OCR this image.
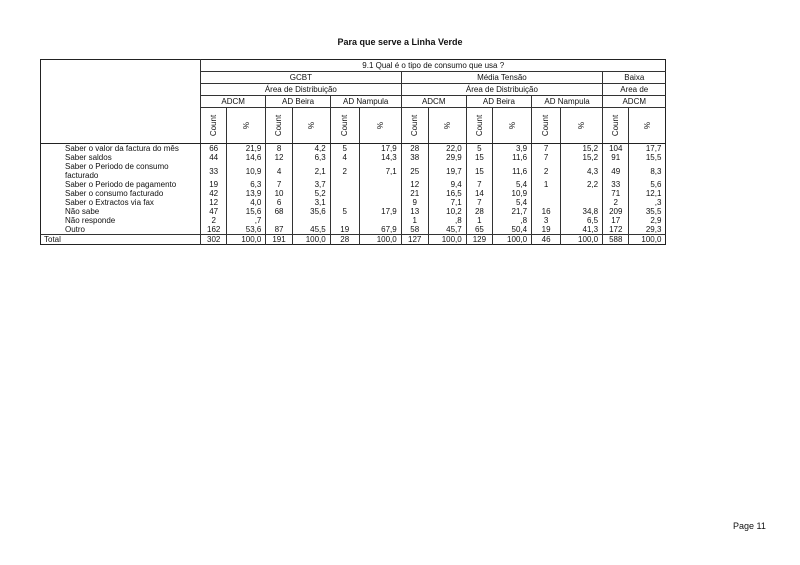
Para que serve a Linha Verde
	9.1 Qual é o tipo de consumo que usa ?													
	GCBT						Média Tensão						Baixa	
	Área de Distribuição						Área de Distribuição						Area de	
	ADCM		AD Beira		AD Nampula		ADCM		AD Beira		AD Nampula		ADCM	
	Count	%	Count	%	Count	%	Count	%	Count	%	Count	%	Count	%
Saber o valor da factura do mês	66	21,9	8	4,2	5	17,9	28	22,0	5	3,9	7	15,2	104	17,7
Saber saldos	44	14,6	12	6,3	4	14,3	38	29,9	15	11,6	7	15,2	91	15,5
Saber o Periodo de consumo facturado	33	10,9	4	2,1	2	7,1	25	19,7	15	11,6	2	4,3	49	8,3
Saber o Periodo de pagamento	19	6,3	7	3,7			12	9,4	7	5,4	1	2,2	33	5,6
Saber o consumo facturado	42	13,9	10	5,2			21	16,5	14	10,9			71	12,1
Saber o Extractos via fax	12	4,0	6	3,1			9	7,1	7	5,4			2	,3
Não sabe	47	15,6	68	35,6	5	17,9	13	10,2	28	21,7	16	34,8	209	35,5
Não responde	2	,7					1	,8	1	,8	3	6,5	17	2,9
Outro	162	53,6	87	45,5	19	67,9	58	45,7	65	50,4	19	41,3	172	29,3
Total	302	100,0	191	100,0	28	100,0	127	100,0	129	100,0	46	100,0	588	100,0
Page 11
